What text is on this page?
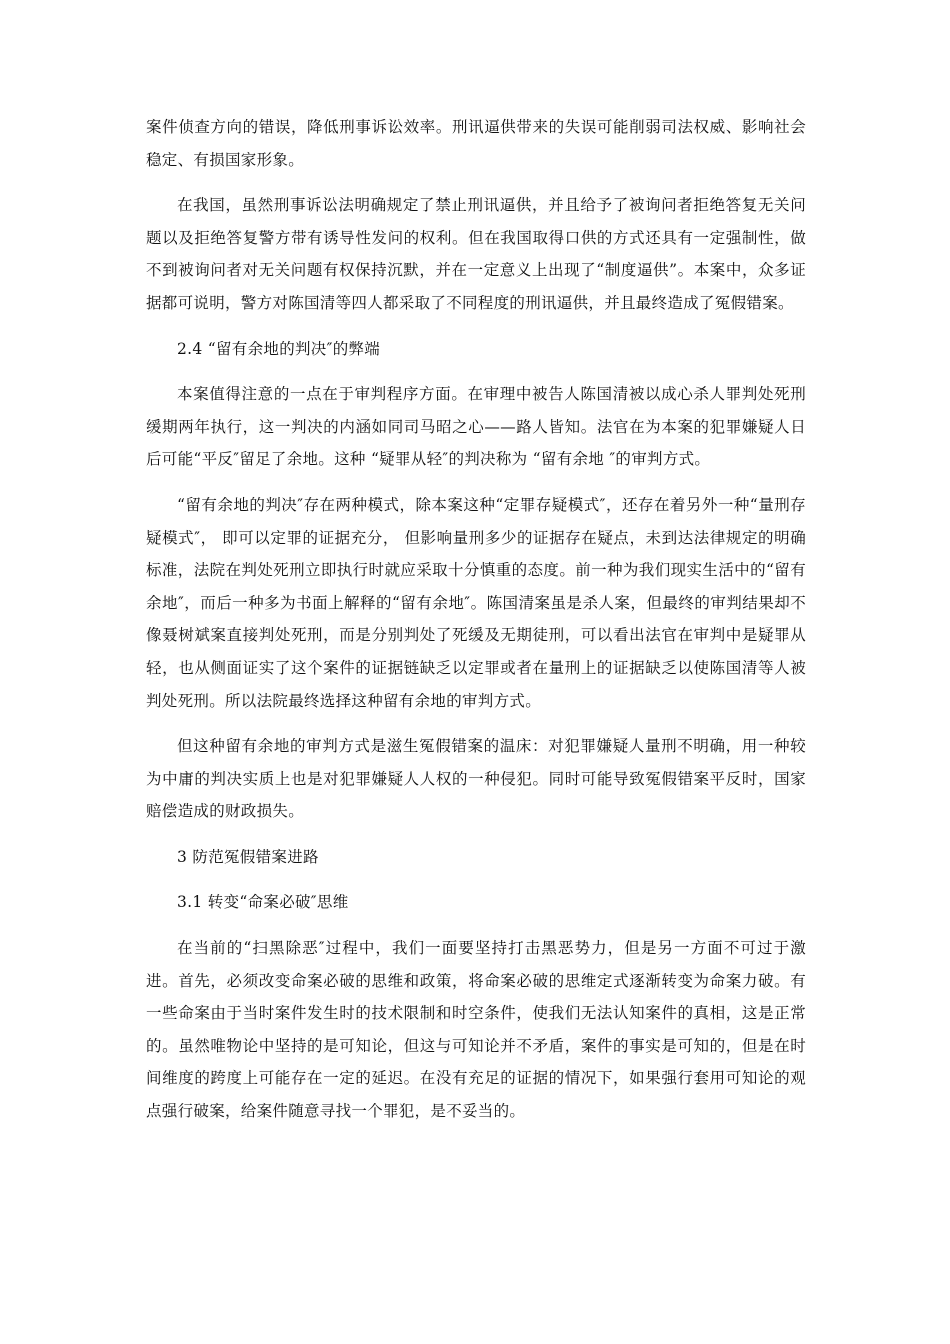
案件侦查方向的错误，降低刑事诉讼效率。刑讯逼供带来的失误可能削弱司法权威、影响社会稳定、有损国家形象。

在我国，虽然刑事诉讼法明确规定了禁止刑讯逼供，并且给予了被询问者拒绝答复无关问题以及拒绝答复警方带有诱导性发问的权利。但在我国取得口供的方式还具有一定强制性，做不到被询问者对无关问题有权保持沉默，并在一定意义上出现了“制度逼供”。本案中，众多证据都可说明，警方对陈国清等四人都采取了不同程度的刑讯逼供，并且最终造成了冤假错案。

2.4 “留有余地的判决″的弊端

本案值得注意的一点在于审判程序方面。在审理中被告人陈国清被以成心杀人罪判处死刑缓期两年执行，这一判决的内涵如同司马昭之心——路人皆知。法官在为本案的犯罪嫌疑人日后可能“平反″留足了余地。这种 “疑罪从轻″的判决称为 “留有余地 ″的审判方式。

“留有余地的判决″存在两种模式，除本案这种“定罪存疑模式″，还存在着另外一种“量刑存疑模式″， 即可以定罪的证据充分， 但影响量刑多少的证据存在疑点，未到达法律规定的明确标准，法院在判处死刑立即执行时就应采取十分慎重的态度。前一种为我们现实生活中的“留有余地″，而后一种多为书面上解释的“留有余地″。陈国清案虽是杀人案，但最终的审判结果却不像聂树斌案直接判处死刑，而是分别判处了死缓及无期徒刑，可以看出法官在审判中是疑罪从轻，也从侧面证实了这个案件的证据链缺乏以定罪或者在量刑上的证据缺乏以使陈国清等人被判处死刑。所以法院最终选择这种留有余地的审判方式。

但这种留有余地的审判方式是滋生冤假错案的温床：对犯罪嫌疑人量刑不明确，用一种较为中庸的判决实质上也是对犯罪嫌疑人人权的一种侵犯。同时可能导致冤假错案平反时，国家赔偿造成的财政损失。

3 防范冤假错案进路

3.1 转变“命案必破″思维

在当前的“扫黑除恶″过程中，我们一面要坚持打击黑恶势力，但是另一方面不可过于激进。首先，必须改变命案必破的思维和政策，将命案必破的思维定式逐渐转变为命案力破。有一些命案由于当时案件发生时的技术限制和时空条件，使我们无法认知案件的真相，这是正常的。虽然唯物论中坚持的是可知论，但这与可知论并不矛盾，案件的事实是可知的，但是在时间维度的跨度上可能存在一定的延迟。在没有充足的证据的情况下，如果强行套用可知论的观点强行破案，给案件随意寻找一个罪犯，是不妥当的。
